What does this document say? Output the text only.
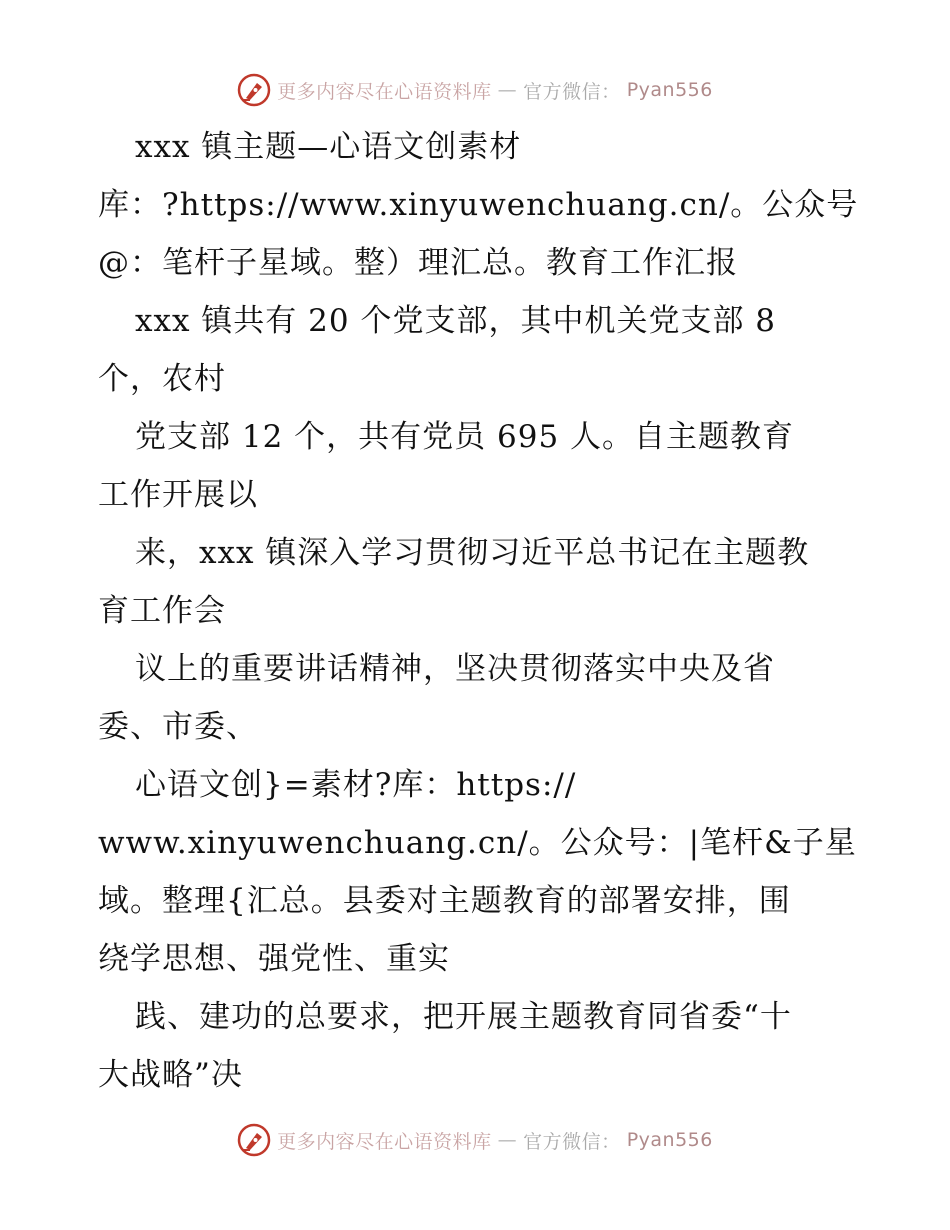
更多内容尽在心语资料库 — 官方微信： Pyan556
xxx 镇主题—心语文创素材
库：?https://www.xinyuwenchuang.cn/。公众号
@：笔杆子星域。整）理汇总。教育工作汇报
xxx 镇共有 20 个党支部，其中机关党支部 8
个，农村
党支部 12 个，共有党员 695 人。自主题教育
工作开展以
来，xxx 镇深入学习贯彻习近平总书记在主题教
育工作会
议上的重要讲话精神，坚决贯彻落实中央及省
委、市委、
心语文创}=素材?库：https://
www.xinyuwenchuang.cn/。公众号：|笔杆&子星
域。整理{汇总。县委对主题教育的部署安排，围
绕学思想、强党性、重实
践、建功的总要求，把开展主题教育同省委“十
大战略”决
更多内容尽在心语资料库 — 官方微信： Pyan556
